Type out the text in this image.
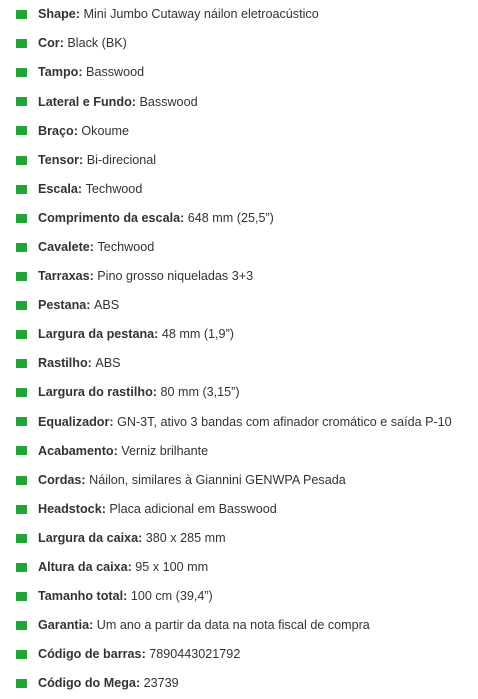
Shape:
Mini Jumbo Cutaway náilon eletroacústico
Cor:
Black (BK)
Tampo:
Basswood
Lateral e Fundo:
Basswood
Braço:
Okoume
Tensor:
Bi-direcional
Escala:
Techwood
Comprimento da escala:
648 mm (25,5”)
Cavalete:
Techwood
Tarraxas:
Pino grosso niqueladas 3+3
Pestana:
ABS
Largura da pestana:
48 mm (1,9”)
Rastilho:
ABS
Largura do rastilho:
80 mm (3,15”)
Equalizador:
GN-3T, ativo 3 bandas com afinador cromático e saída P-10
Acabamento:
Verniz brilhante
Cordas:
Náilon, similares à Giannini GENWPA Pesada
Headstock:
Placa adicional em Basswood
Largura da caixa:
380 x 285 mm
Altura da caixa:
95 x 100 mm
Tamanho total:
100 cm (39,4”)
Garantia:
Um ano a partir da data na nota fiscal de compra
Código de barras:
7890443021792
Código do Mega:
23739
